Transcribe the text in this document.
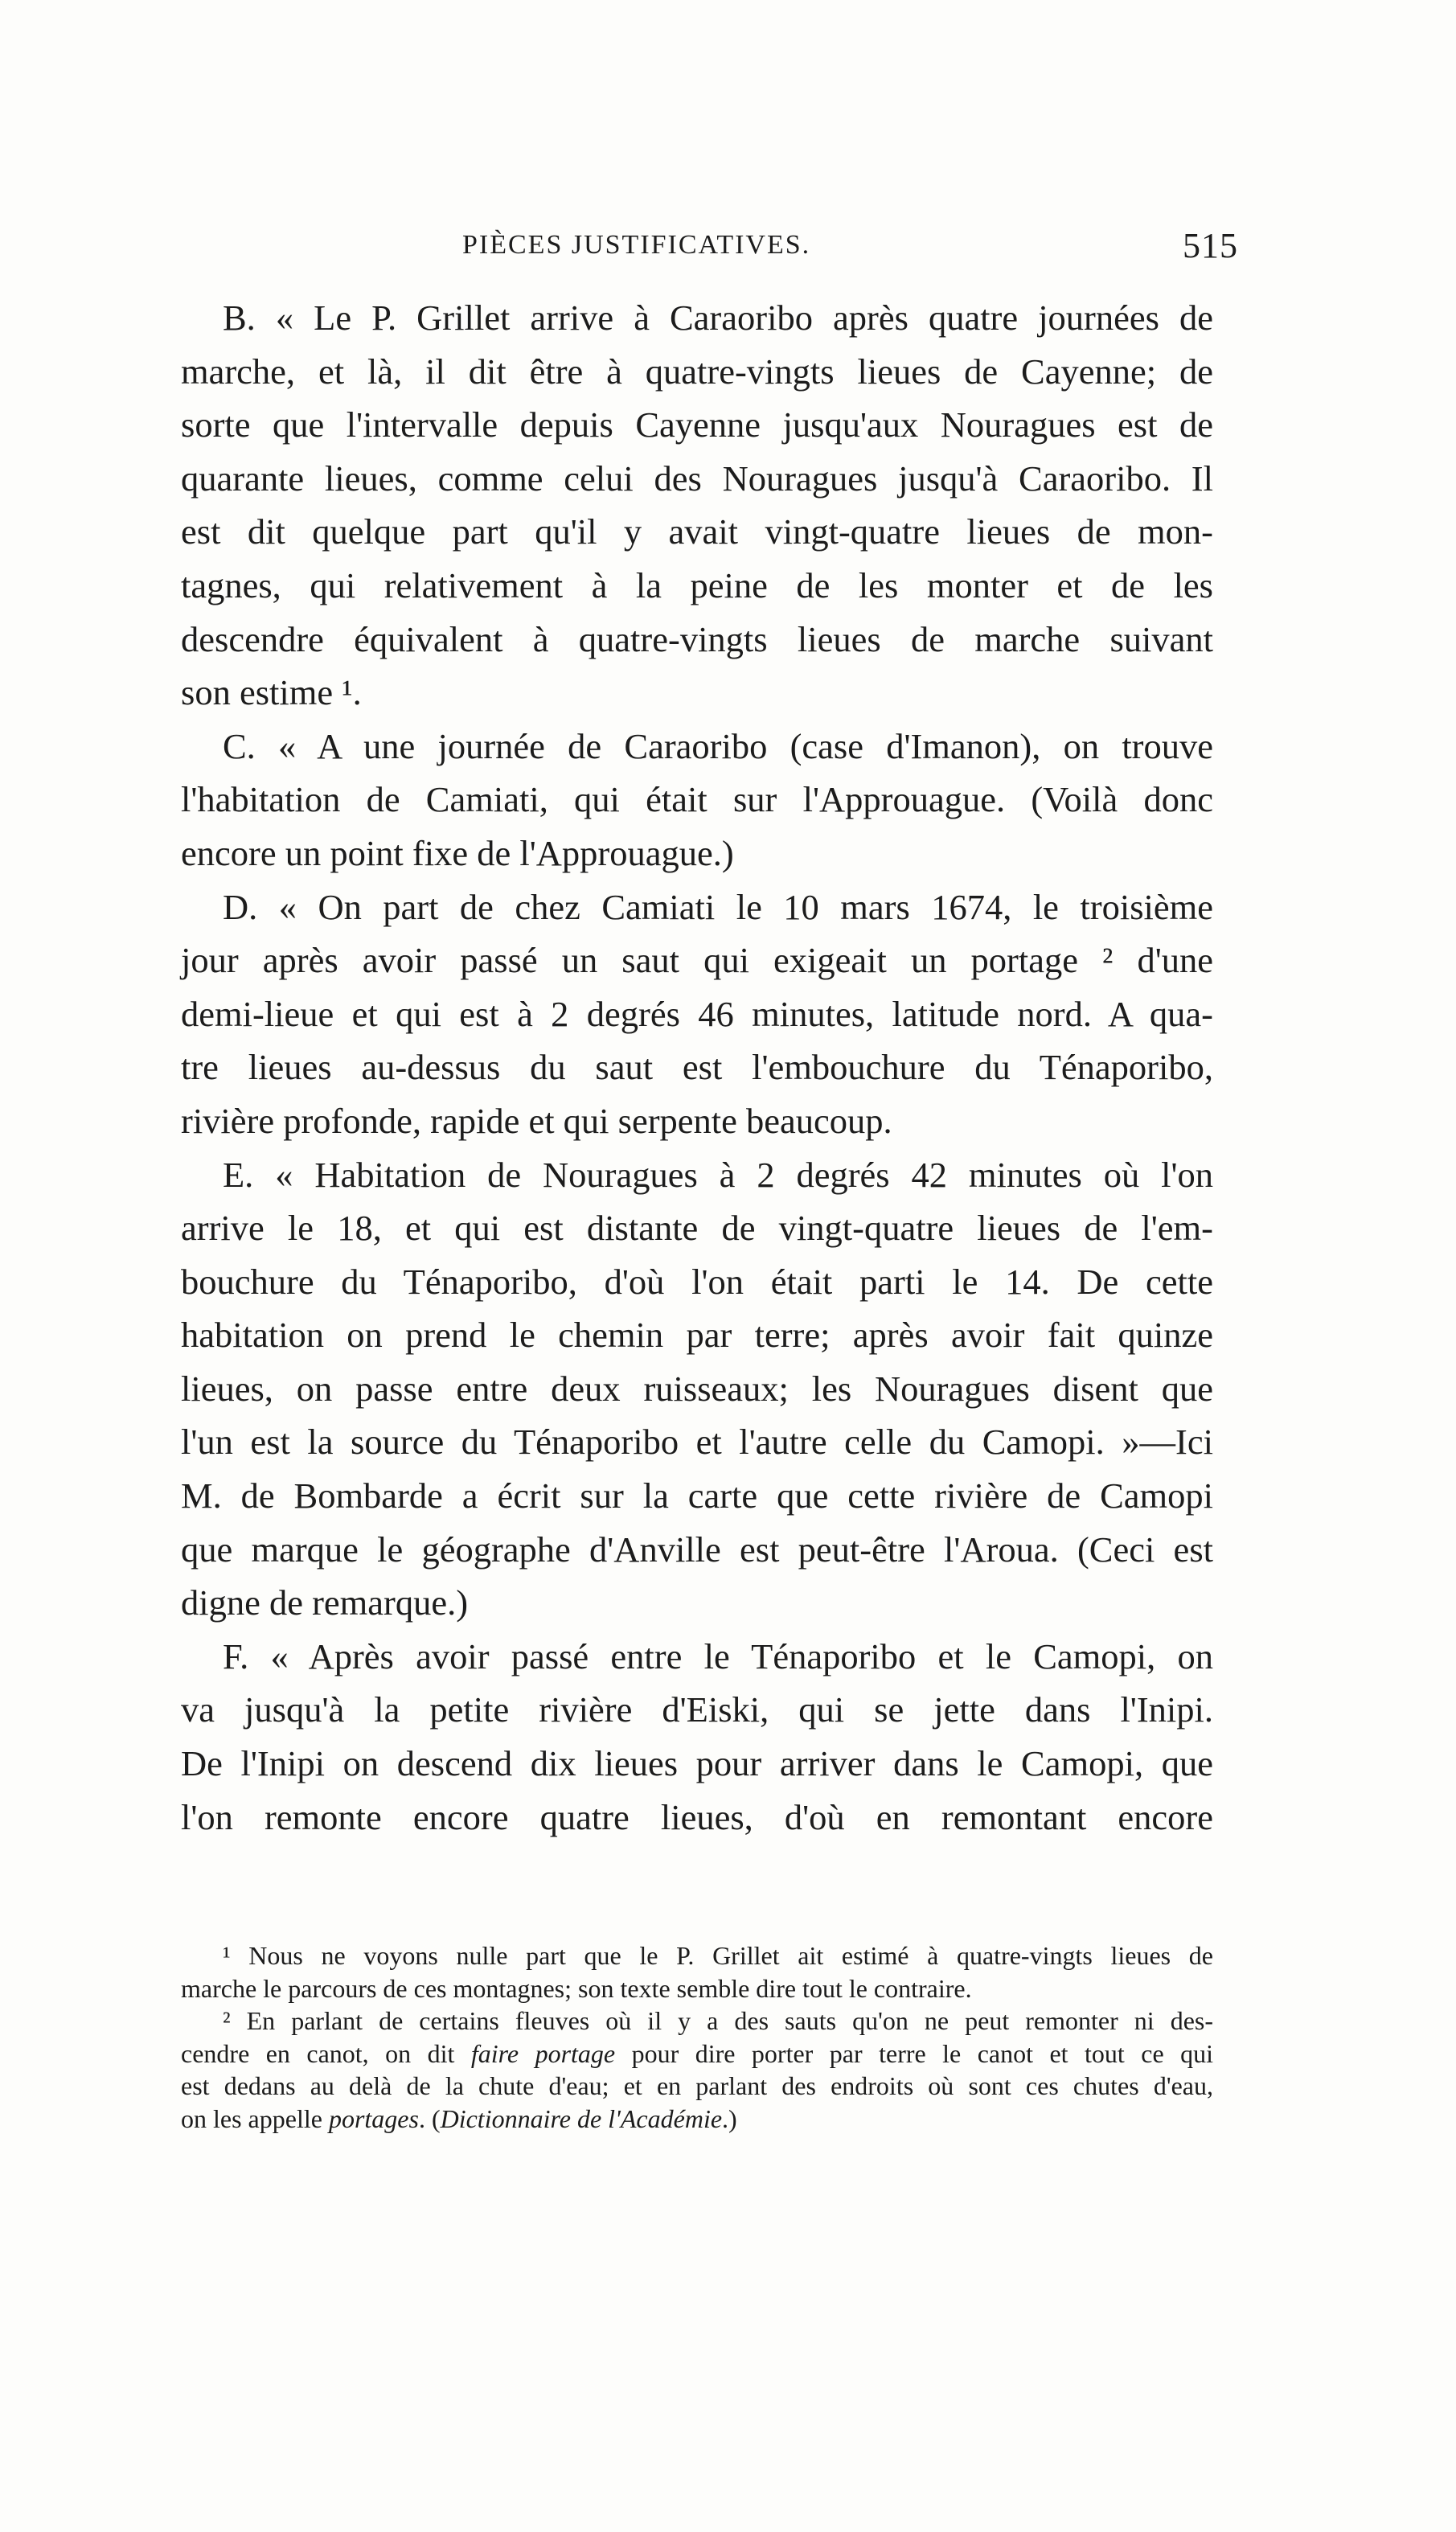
PIÈCES JUSTIFICATIVES.	515
B. « Le P. Grillet arrive à Caraoribo après quatre journées de
marche, et là, il dit être à quatre-vingts lieues de Cayenne; de
sorte que l'intervalle depuis Cayenne jusqu'aux Nouragues est de
quarante lieues, comme celui des Nouragues jusqu'à Caraoribo. Il
est dit quelque part qu'il y avait vingt-quatre lieues de mon-
tagnes, qui relativement à la peine de les monter et de les
descendre équivalent à quatre-vingts lieues de marche suivant
son estime ¹.
C. « A une journée de Caraoribo (case d'Imanon), on trouve
l'habitation de Camiati, qui était sur l'Approuague. (Voilà donc
encore un point fixe de l'Approuague.)
D. « On part de chez Camiati le 10 mars 1674, le troisième
jour après avoir passé un saut qui exigeait un portage ² d'une
demi-lieue et qui est à 2 degrés 46 minutes, latitude nord. A qua-
tre lieues au-dessus du saut est l'embouchure du Ténaporibo,
rivière profonde, rapide et qui serpente beaucoup.
E. « Habitation de Nouragues à 2 degrés 42 minutes où l'on
arrive le 18, et qui est distante de vingt-quatre lieues de l'em-
bouchure du Ténaporibo, d'où l'on était parti le 14. De cette
habitation on prend le chemin par terre; après avoir fait quinze
lieues, on passe entre deux ruisseaux; les Nouragues disent que
l'un est la source du Ténaporibo et l'autre celle du Camopi. »—Ici
M. de Bombarde a écrit sur la carte que cette rivière de Camopi
que marque le géographe d'Anville est peut-être l'Aroua. (Ceci est
digne de remarque.)
F. « Après avoir passé entre le Ténaporibo et le Camopi, on
va jusqu'à la petite rivière d'Eiski, qui se jette dans l'Inipi.
De l'Inipi on descend dix lieues pour arriver dans le Camopi, que
l'on remonte encore quatre lieues, d'où en remontant encore
¹ Nous ne voyons nulle part que le P. Grillet ait estimé à quatre-vingts lieues de
marche le parcours de ces montagnes; son texte semble dire tout le contraire.
² En parlant de certains fleuves où il y a des sauts qu'on ne peut remonter ni des-
cendre en canot, on dit faire portage pour dire porter par terre le canot et tout ce qui
est dedans au delà de la chute d'eau; et en parlant des endroits où sont ces chutes d'eau,
on les appelle portages. (Dictionnaire de l'Académie.)
